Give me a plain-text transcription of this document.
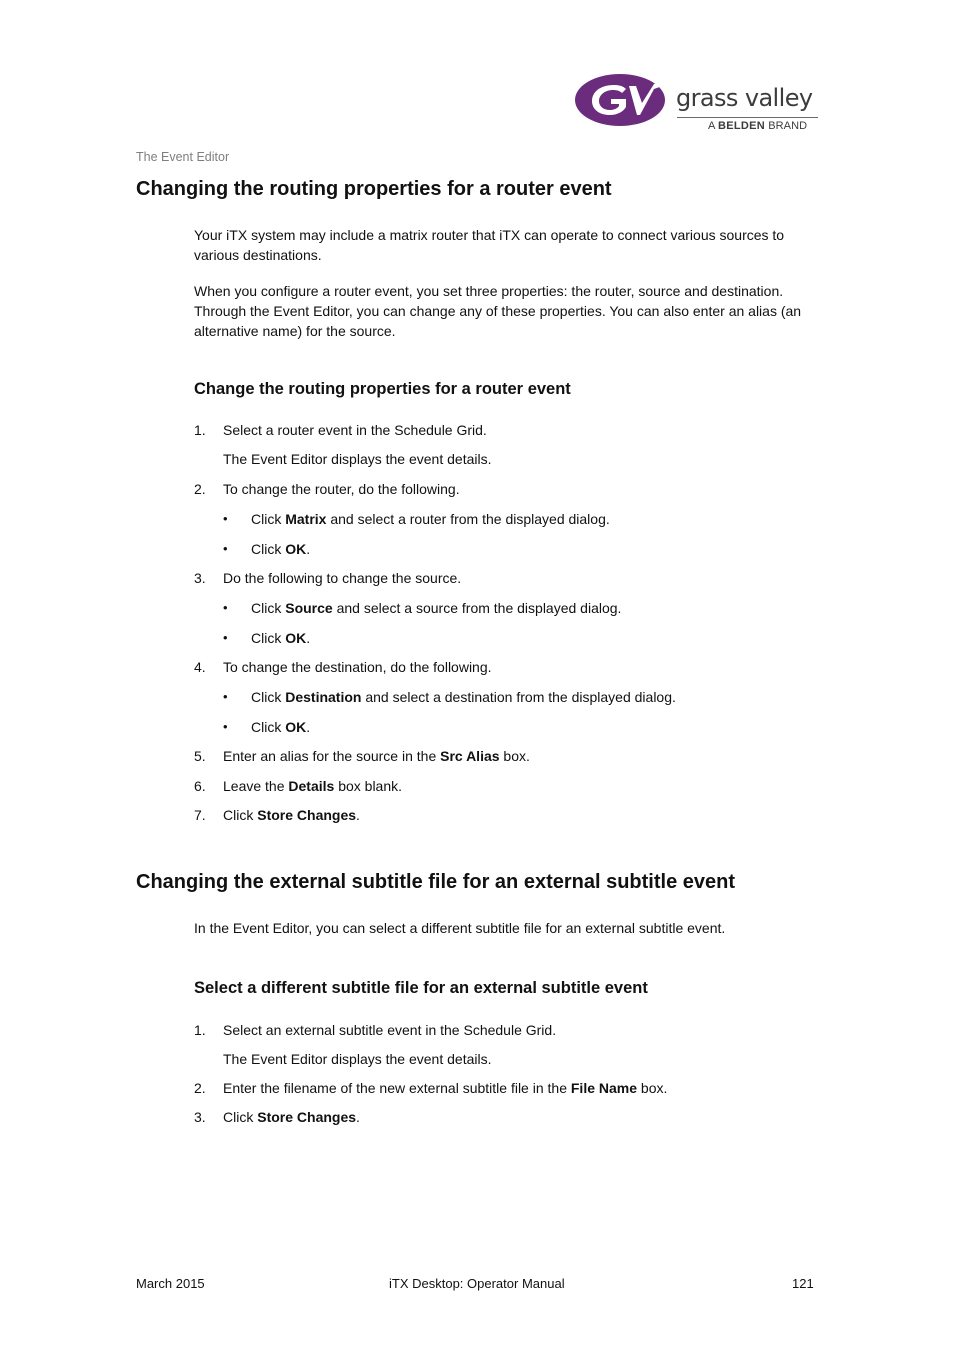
grass valley
A BELDEN BRAND
The Event Editor
Changing the routing properties for a router event
Your iTX system may include a matrix router that iTX can operate to connect various sources to various destinations.
When you configure a router event, you set three properties: the router, source and destination. Through the Event Editor, you can change any of these properties. You can also enter an alias (an alternative name) for the source.
Change the routing properties for a router event
1. Select a router event in the Schedule Grid.
The Event Editor displays the event details.
2. To change the router, do the following.
• Click Matrix and select a router from the displayed dialog.
• Click OK.
3. Do the following to change the source.
• Click Source and select a source from the displayed dialog.
• Click OK.
4. To change the destination, do the following.
• Click Destination and select a destination from the displayed dialog.
• Click OK.
5. Enter an alias for the source in the Src Alias box.
6. Leave the Details box blank.
7. Click Store Changes.
Changing the external subtitle file for an external subtitle event
In the Event Editor, you can select a different subtitle file for an external subtitle event.
Select a different subtitle file for an external subtitle event
1. Select an external subtitle event in the Schedule Grid.
The Event Editor displays the event details.
2. Enter the filename of the new external subtitle file in the File Name box.
3. Click Store Changes.
March 2015	iTX Desktop: Operator Manual	121
